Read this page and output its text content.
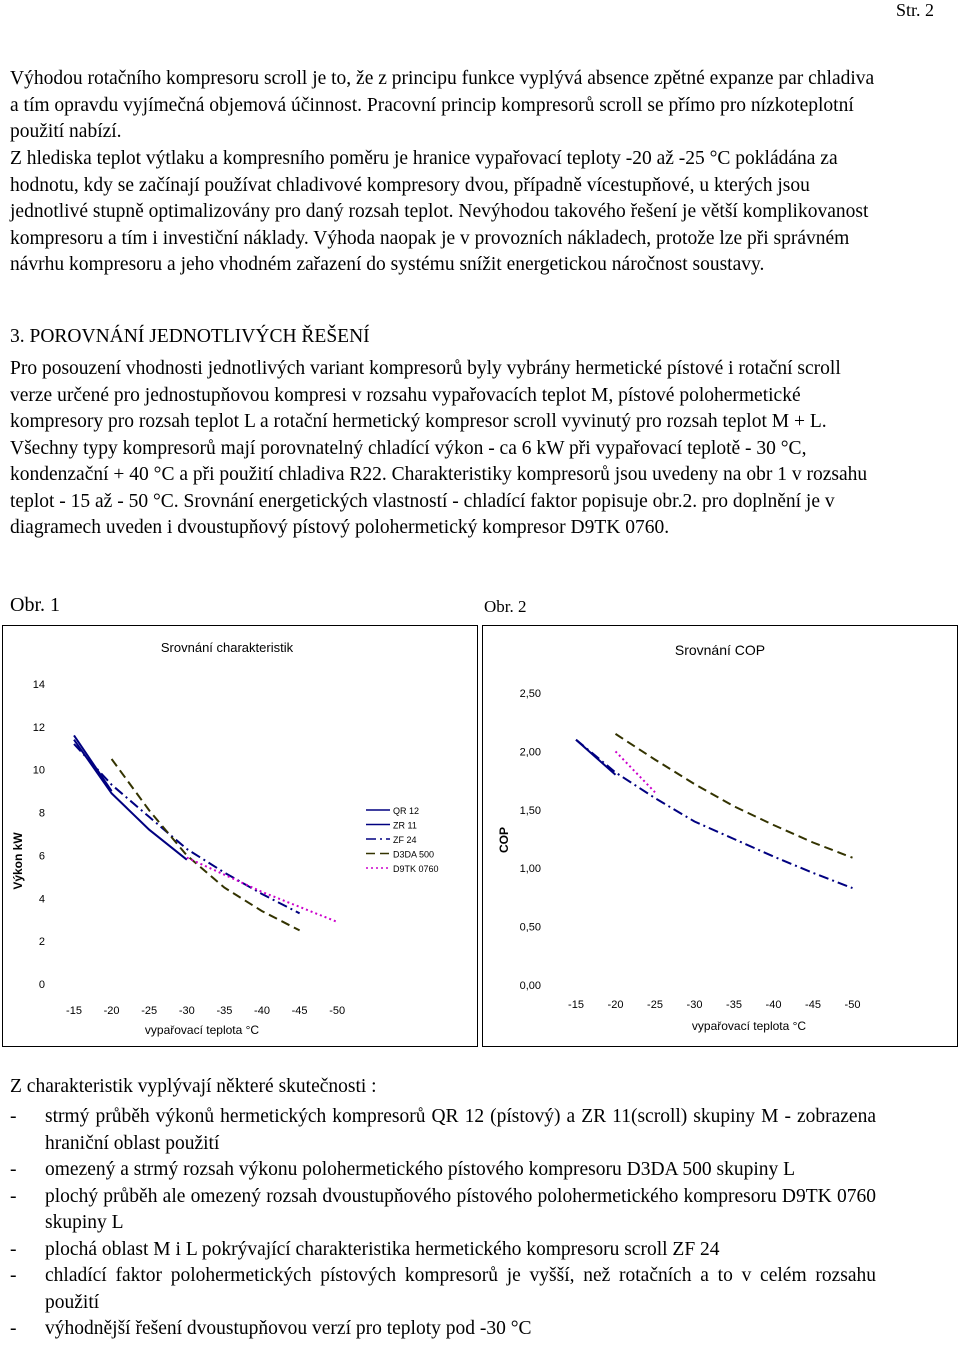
Str. 2

Výhodou rotačního kompresoru scroll je to, že z principu funkce vyplývá absence zpětné expanze par chladiva a tím opravdu vyjímečná objemová účinnost. Pracovní princip kompresorů scroll se přímo pro nízkoteplotní použití nabízí.

Z hlediska teplot výtlaku a kompresního poměru je hranice vypařovací teploty -20 až -25 °C pokládána za hodnotu, kdy se začínají používat chladivové kompresory dvou, případně vícestupňové, u kterých jsou jednotlivé stupně optimalizovány pro daný rozsah teplot. Nevýhodou takového řešení je větší komplikovanost kompresoru a tím i investiční náklady. Výhoda naopak je v provozních nákladech, protože lze při správném návrhu kompresoru a jeho vhodném zařazení do systému snížit energetickou náročnost soustavy.

3. POROVNÁNÍ JEDNOTLIVÝCH ŘEŠENÍ

Pro posouzení vhodnosti jednotlivých variant kompresorů byly vybrány hermetické pístové i rotační scroll verze určené pro jednostupňovou kompresi v rozsahu vypařovacích teplot M, pístové polohermetické kompresory pro rozsah teplot L a rotační hermetický kompresor scroll vyvinutý pro rozsah teplot M + L. Všechny typy kompresorů mají porovnatelný chladící výkon - ca 6 kW při vypařovací teplotě - 30 °C, kondenzační + 40 °C a při použití chladiva R22. Charakteristiky kompresorů jsou uvedeny na obr 1 v rozsahu teplot - 15 až - 50 °C. Srovnání energetických vlastností - chladící faktor popisuje obr.2. pro doplnění je v diagramech uveden i dvoustupňový pístový polohermetický kompresor D9TK 0760.

Obr. 1	Obr. 2
Srovnání charakteristik
Výkon kW
vypařovací teplota °C
-15 -20 -25 -30 -35 -40 -45 -50
0
2
4
6
8
10
12
14
QR 12
ZR 11
ZF 24
D3DA 500
D9TK 0760
Srovnání COP
COP
vypařovací teplota °C
-15 -20 -25 -30 -35 -40 -45 -50
0,00
0,50
1,00
1,50
2,00
2,50
Z charakteristik vyplývají některé skutečnosti :
- strmý průběh výkonů hermetických kompresorů QR 12 (pístový) a ZR 11(scroll) skupiny M - zobrazena hraniční oblast použití
- omezený a strmý rozsah výkonu polohermetického pístového kompresoru D3DA 500 skupiny L
- plochý průběh ale omezený rozsah dvoustupňového pístového polohermetického kompresoru D9TK 0760 skupiny L
- plochá oblast M i L pokrývající charakteristika hermetického kompresoru scroll ZF 24
- chladící faktor polohermetických pístových kompresorů je vyšší, než rotačních a to v celém rozsahu použití
- výhodnější řešení dvoustupňovou verzí pro teploty pod -30 °C
